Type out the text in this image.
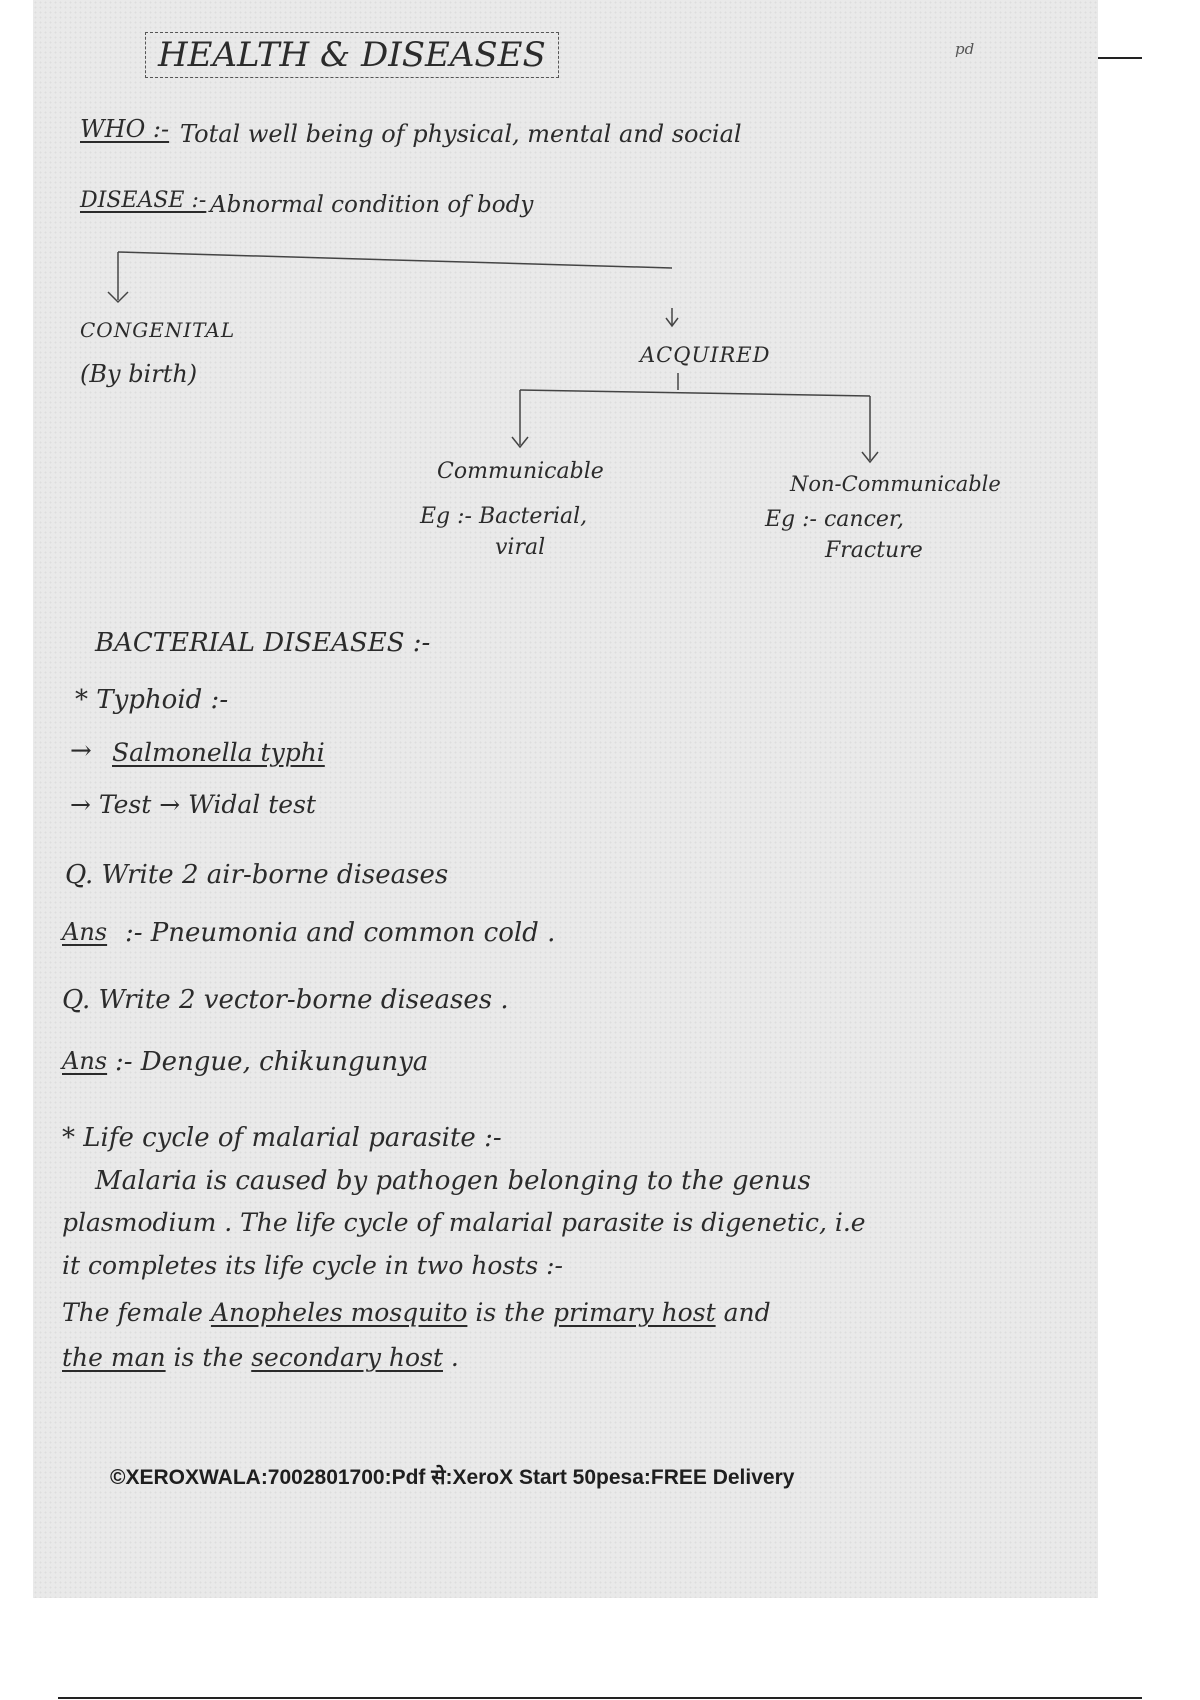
HEALTH & DISEASES	pd
WHO :- Total well being of physical, mental and social
DISEASE :- Abnormal condition of body
CONGENITAL
(By birth)
ACQUIRED
Communicable
Eg :- Bacterial,
viral
Non-Communicable
Eg :- cancer,
Fracture
BACTERIAL DISEASES :-
* Typhoid :-
→ Salmonella typhi
→ Test → Widal test
Q. Write 2 air-borne diseases
Ans :- Pneumonia and common cold .
Q. Write 2 vector-borne diseases .
Ans :- Dengue, chikungunya
* Life cycle of malarial parasite :-
Malaria is caused by pathogen belonging to the genus
plasmodium . The life cycle of malarial parasite is digenetic, i.e
it completes its life cycle in two hosts :-
The female Anopheles mosquito is the primary host and
the man is the secondary host .
©XEROXWALA:7002801700:Pdf से:XeroX Start 50pesa:FREE Delivery
